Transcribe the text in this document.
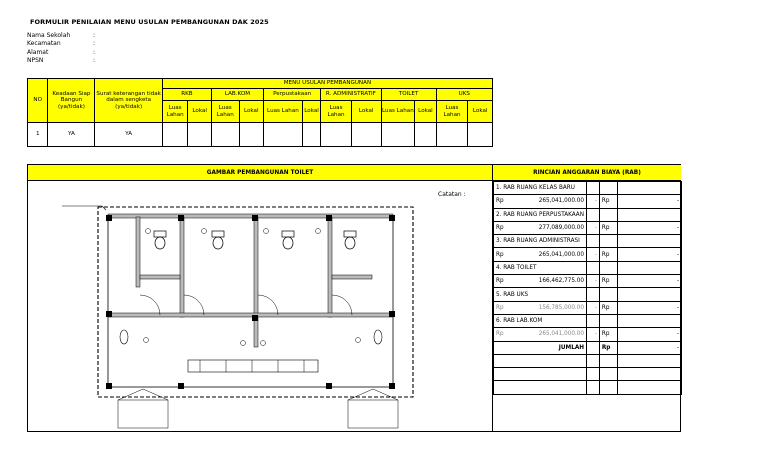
FORMULIR PENILAIAN MENU USULAN PEMBANGUNAN DAK 2025
Nama Sekolah	:
Kecamatan	:
Alamat	:
NPSN	:
NO	Keadaan Siap Bangun (ya/tidak)	Surat keterangan tidak dalam sengketa (ya/tidak)	MENU USULAN PEMBANGUNAN											
			RKB		LAB.KOM		Perpustakaan		R. ADMINISTRATIF		TOILET		UKS	
			Luas Lahan	Lokal	Luas Lahan	Lokal	Luas Lahan	Lokal	Luas Lahan	Lokal	Luas Lahan	Lokal	Luas Lahan	Lokal
1	YA	YA												
GAMBAR PEMBANGUNAN TOILET	RINCIAN ANGGARAN BIAYA (RAB)
Catatan :
1. RAB RUANG KELAS BARU			
Rp 265,041,000.00	-	Rp	-
2. RAB RUANG PERPUSTAKAAN			
Rp 277,089,000.00	-	Rp	-
3. RAB RUANG ADMINISTRASI			
Rp 265,041,000.00	-	Rp	-
4. RAB TOILET			
Rp 166,462,775.00	-	Rp	-
5. RAB UKS			
Rp 156,785,000.00	-	Rp	-
6. RAB LAB.KOM			
Rp 265,041,000.00	-	Rp	-
JUMLAH		Rp	-
